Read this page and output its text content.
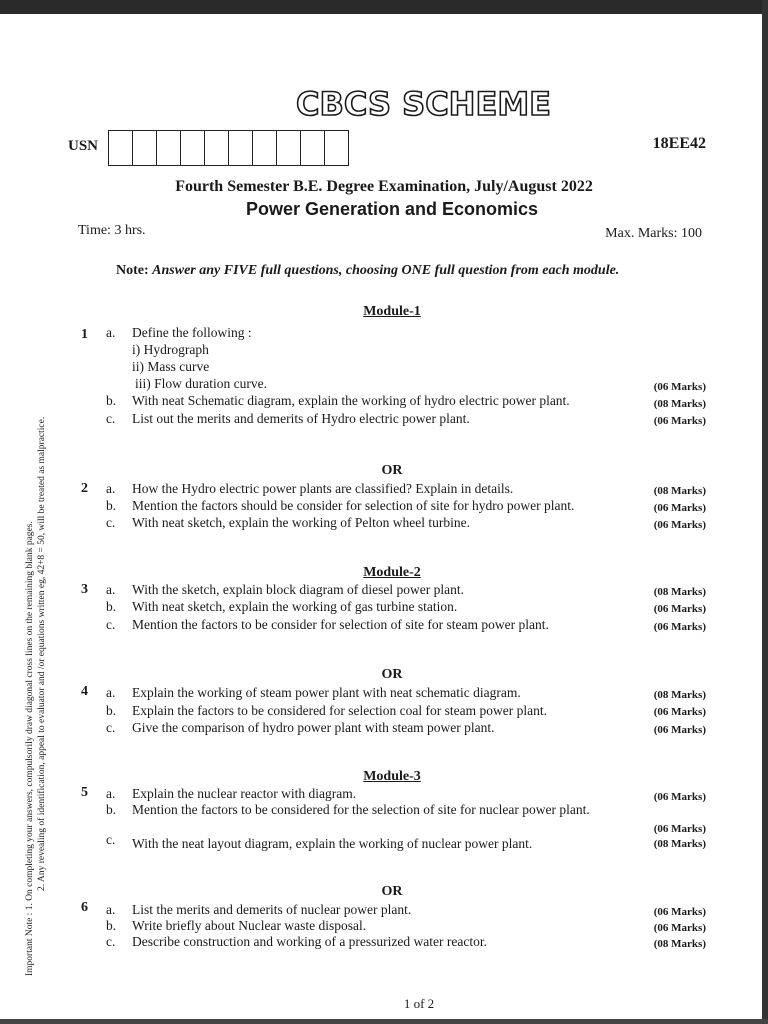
CBCS SCHEME
USN	18EE42
Fourth Semester B.E. Degree Examination, July/August 2022
Power Generation and Economics
Time: 3 hrs.	Max. Marks: 100
Note: Answer any FIVE full questions, choosing ONE full question from each module.
Important Note : 1. On completing your answers, compulsorily draw diagonal cross lines on the remaining blank pages. 2. Any revealing of identification, appeal to evaluator and /or equations written eg, 42+8 = 50, will be treated as malpractice.
Module-1
1 a. Define the following :
i) Hydrograph
ii) Mass curve
iii) Flow duration curve.	(06 Marks)
b. With neat Schematic diagram, explain the working of hydro electric power plant.	(08 Marks)
c. List out the merits and demerits of Hydro electric power plant.	(06 Marks)
OR
2 a. How the Hydro electric power plants are classified? Explain in details.	(08 Marks)
b. Mention the factors should be consider for selection of site for hydro power plant.	(06 Marks)
c. With neat sketch, explain the working of Pelton wheel turbine.	(06 Marks)
Module-2
3 a. With the sketch, explain block diagram of diesel power plant.	(08 Marks)
b. With neat sketch, explain the working of gas turbine station.	(06 Marks)
c. Mention the factors to be consider for selection of site for steam power plant.	(06 Marks)
OR
4 a. Explain the working of steam power plant with neat schematic diagram.	(08 Marks)
b. Explain the factors to be considered for selection coal for steam power plant.	(06 Marks)
c. Give the comparison of hydro power plant with steam power plant.	(06 Marks)
Module-3
5 a. Explain the nuclear reactor with diagram.	(06 Marks)
b. Mention the factors to be considered for the selection of site for nuclear power plant.
(06 Marks)
c. With the neat layout diagram, explain the working of nuclear power plant.	(08 Marks)
OR
6 a. List the merits and demerits of nuclear power plant.	(06 Marks)
b. Write briefly about Nuclear waste disposal.	(06 Marks)
c. Describe construction and working of a pressurized water reactor.	(08 Marks)
1 of 2
